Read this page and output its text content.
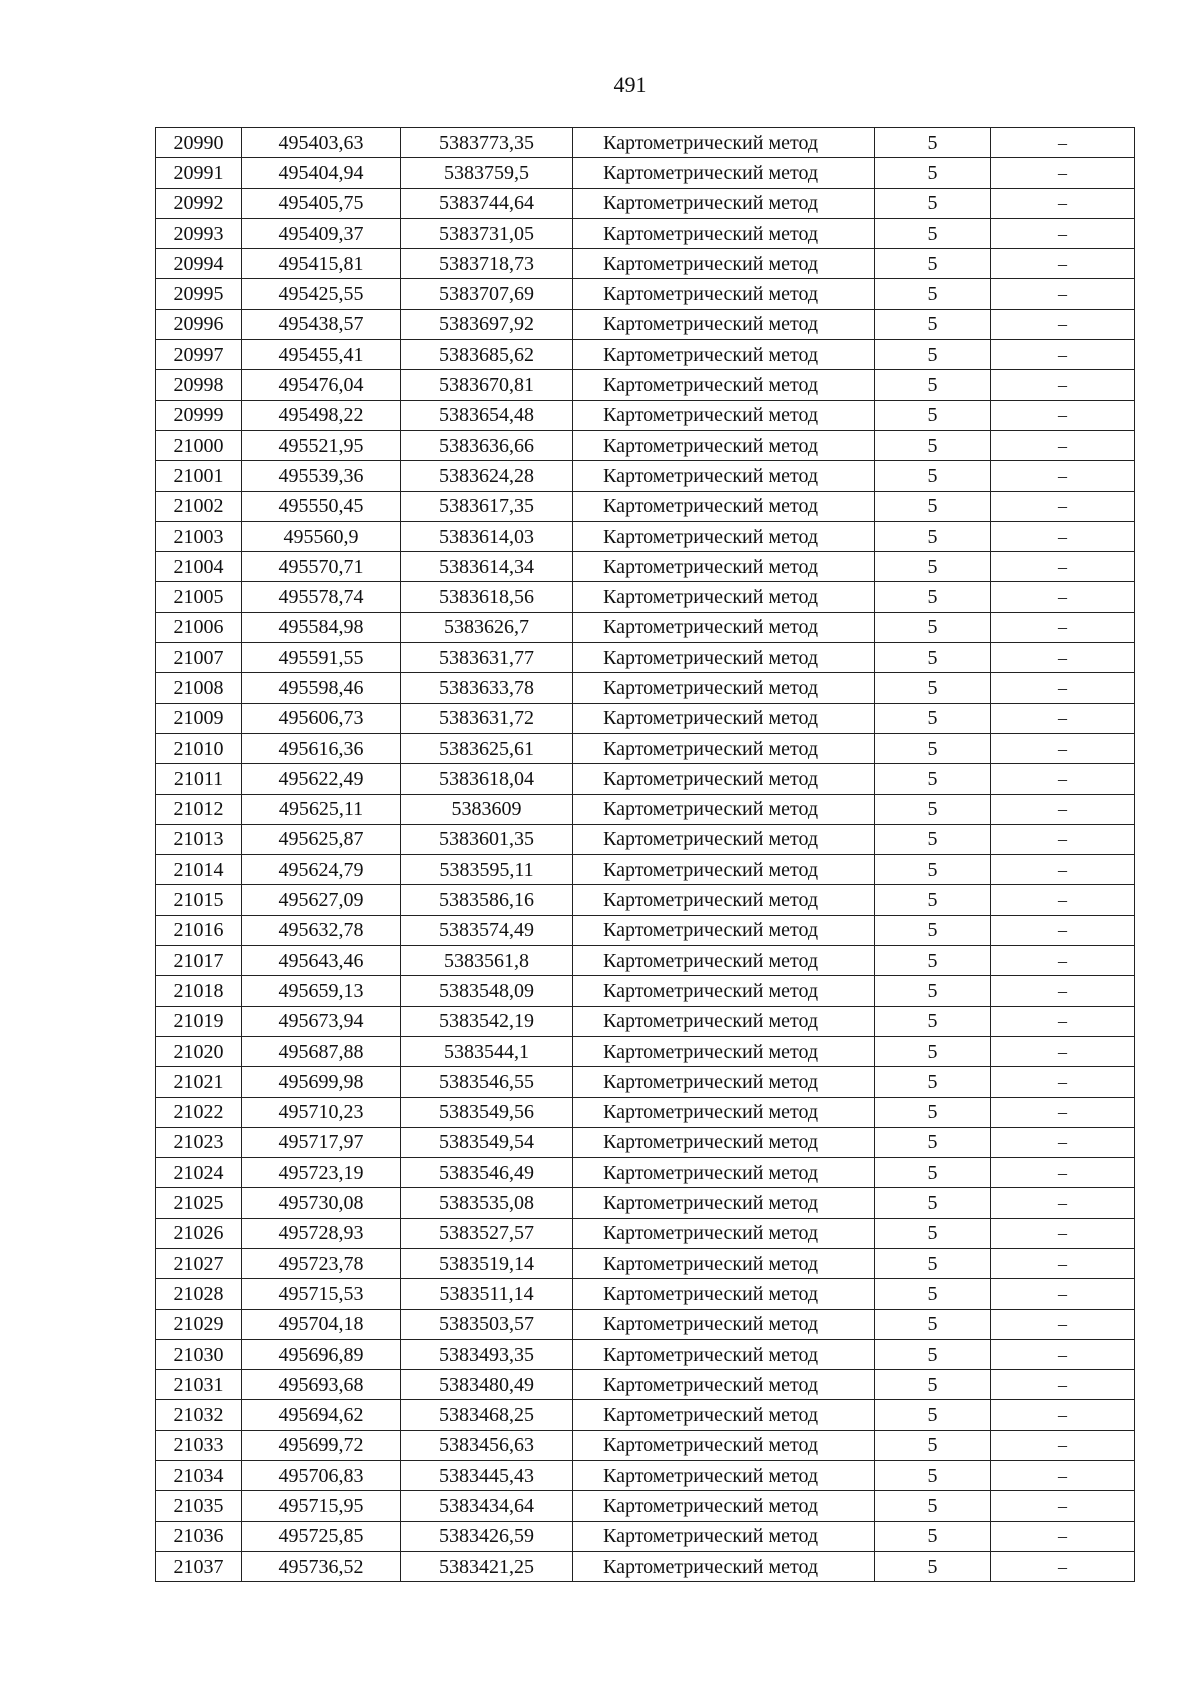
491
20990	495403,63	5383773,35	Картометрический метод	5	–
20991	495404,94	5383759,5	Картометрический метод	5	–
20992	495405,75	5383744,64	Картометрический метод	5	–
20993	495409,37	5383731,05	Картометрический метод	5	–
20994	495415,81	5383718,73	Картометрический метод	5	–
20995	495425,55	5383707,69	Картометрический метод	5	–
20996	495438,57	5383697,92	Картометрический метод	5	–
20997	495455,41	5383685,62	Картометрический метод	5	–
20998	495476,04	5383670,81	Картометрический метод	5	–
20999	495498,22	5383654,48	Картометрический метод	5	–
21000	495521,95	5383636,66	Картометрический метод	5	–
21001	495539,36	5383624,28	Картометрический метод	5	–
21002	495550,45	5383617,35	Картометрический метод	5	–
21003	495560,9	5383614,03	Картометрический метод	5	–
21004	495570,71	5383614,34	Картометрический метод	5	–
21005	495578,74	5383618,56	Картометрический метод	5	–
21006	495584,98	5383626,7	Картометрический метод	5	–
21007	495591,55	5383631,77	Картометрический метод	5	–
21008	495598,46	5383633,78	Картометрический метод	5	–
21009	495606,73	5383631,72	Картометрический метод	5	–
21010	495616,36	5383625,61	Картометрический метод	5	–
21011	495622,49	5383618,04	Картометрический метод	5	–
21012	495625,11	5383609	Картометрический метод	5	–
21013	495625,87	5383601,35	Картометрический метод	5	–
21014	495624,79	5383595,11	Картометрический метод	5	–
21015	495627,09	5383586,16	Картометрический метод	5	–
21016	495632,78	5383574,49	Картометрический метод	5	–
21017	495643,46	5383561,8	Картометрический метод	5	–
21018	495659,13	5383548,09	Картометрический метод	5	–
21019	495673,94	5383542,19	Картометрический метод	5	–
21020	495687,88	5383544,1	Картометрический метод	5	–
21021	495699,98	5383546,55	Картометрический метод	5	–
21022	495710,23	5383549,56	Картометрический метод	5	–
21023	495717,97	5383549,54	Картометрический метод	5	–
21024	495723,19	5383546,49	Картометрический метод	5	–
21025	495730,08	5383535,08	Картометрический метод	5	–
21026	495728,93	5383527,57	Картометрический метод	5	–
21027	495723,78	5383519,14	Картометрический метод	5	–
21028	495715,53	5383511,14	Картометрический метод	5	–
21029	495704,18	5383503,57	Картометрический метод	5	–
21030	495696,89	5383493,35	Картометрический метод	5	–
21031	495693,68	5383480,49	Картометрический метод	5	–
21032	495694,62	5383468,25	Картометрический метод	5	–
21033	495699,72	5383456,63	Картометрический метод	5	–
21034	495706,83	5383445,43	Картометрический метод	5	–
21035	495715,95	5383434,64	Картометрический метод	5	–
21036	495725,85	5383426,59	Картометрический метод	5	–
21037	495736,52	5383421,25	Картометрический метод	5	–
